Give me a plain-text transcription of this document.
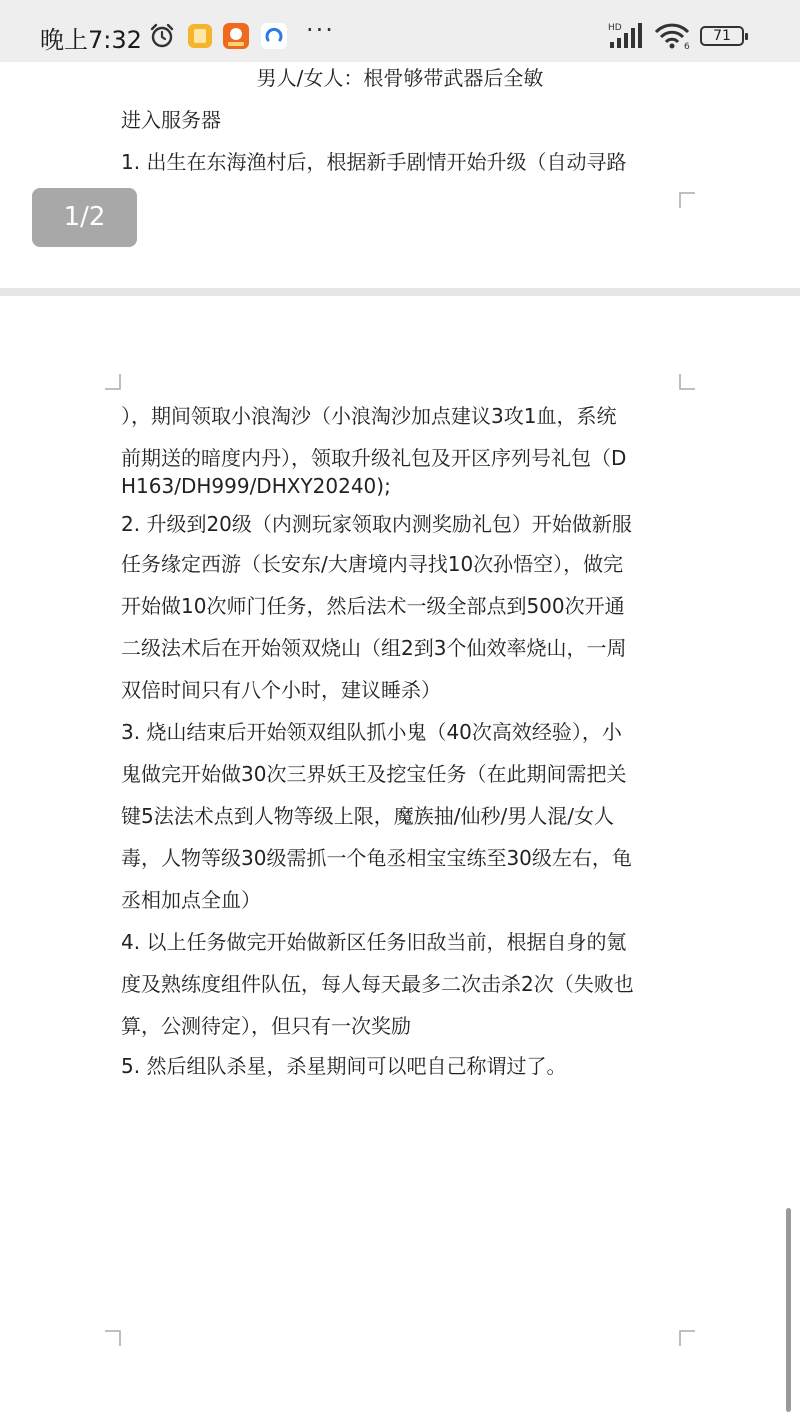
晚上7:32	···	HD
6
71
男人/女人：根骨够带武器后全敏
进入服务器
1. 出生在东海渔村后，根据新手剧情开始升级（自动寻路
1/2
），期间领取小浪淘沙（小浪淘沙加点建议3攻1血，系统
前期送的暗度内丹），领取升级礼包及开区序列号礼包（D
H163/DH999/DHXY20240);
2. 升级到20级（内测玩家领取内测奖励礼包）开始做新服
任务缘定西游（长安东/大唐境内寻找10次孙悟空），做完
开始做10次师门任务，然后法术一级全部点到500次开通
二级法术后在开始领双烧山（组2到3个仙效率烧山，一周
双倍时间只有八个小时，建议睡杀）
3. 烧山结束后开始领双组队抓小鬼（40次高效经验），小
鬼做完开始做30次三界妖王及挖宝任务（在此期间需把关
键5法法术点到人物等级上限，魔族抽/仙秒/男人混/女人
毒，人物等级30级需抓一个龟丞相宝宝练至30级左右，龟
丞相加点全血）
4. 以上任务做完开始做新区任务旧敌当前，根据自身的氪
度及熟练度组件队伍，每人每天最多二次击杀2次（失败也
算，公测待定），但只有一次奖励
5. 然后组队杀星，杀星期间可以吧自己称谓过了。
